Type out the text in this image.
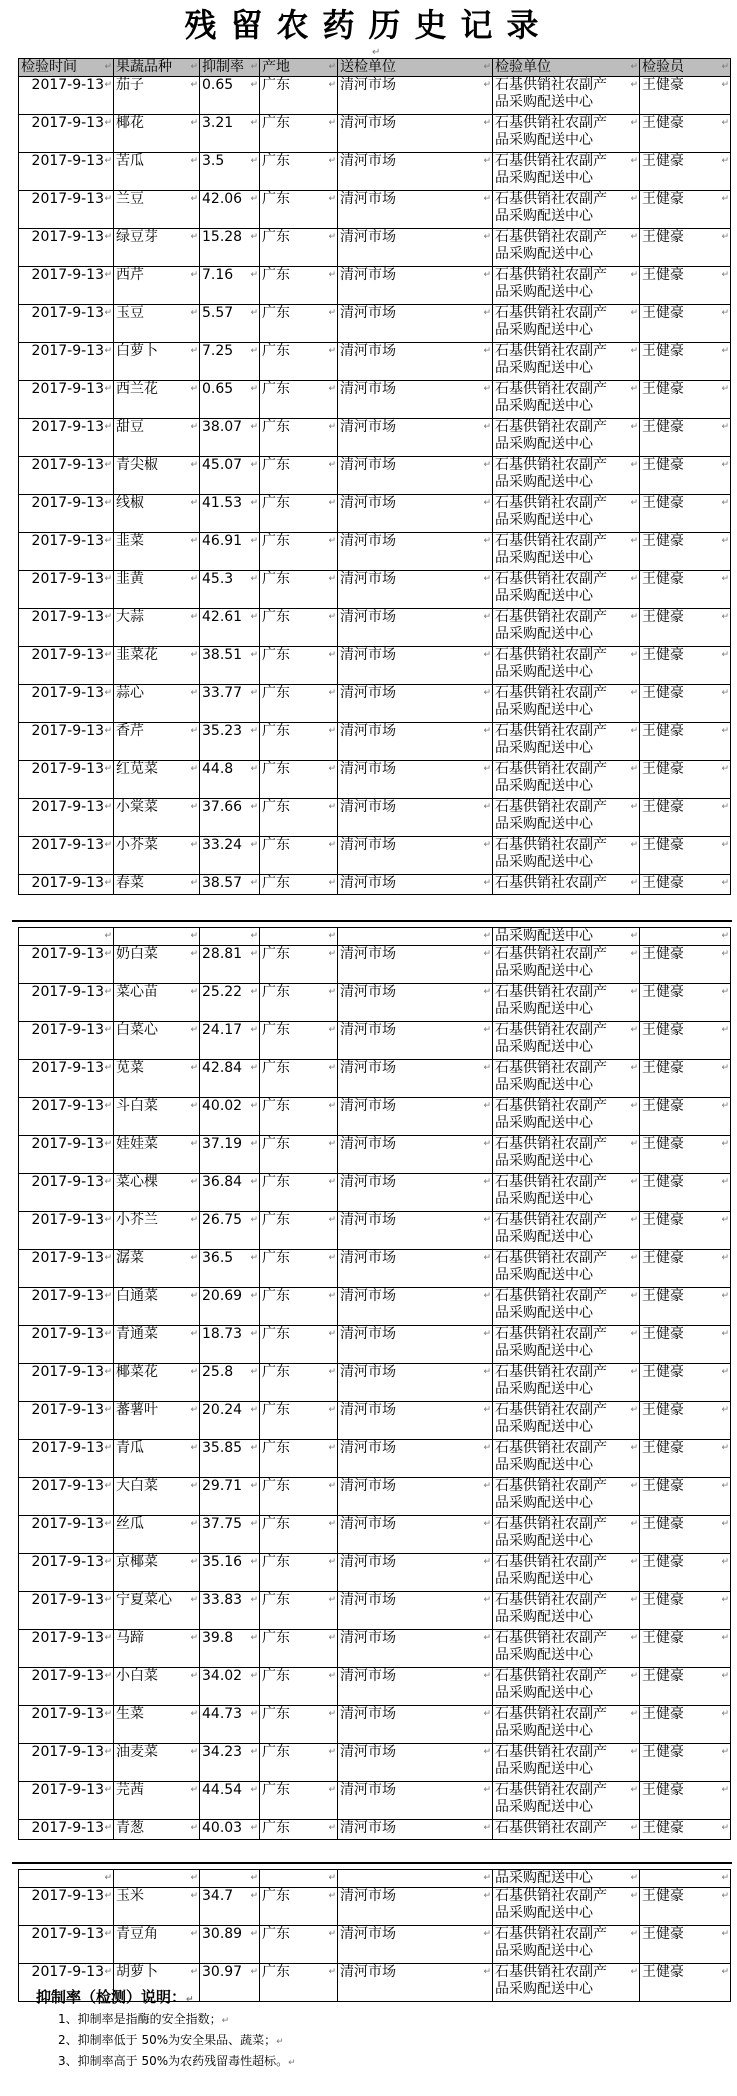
残留农药历史记录
↵
检验时间 ↵	果蔬品种 ↵	抑制率 ↵	产地 ↵	送检单位 ↵	检验单位 ↵	检验员 ↵
2017-9-13 ↵	茄子 ↵	0.65 ↵	广东 ↵	清河市场 ↵	石基供销社农副产
品采购配送中心 ↵	王健豪 ↵
2017-9-13 ↵	椰花 ↵	3.21 ↵	广东 ↵	清河市场 ↵	石基供销社农副产
品采购配送中心 ↵	王健豪 ↵
2017-9-13 ↵	苦瓜 ↵	3.5 ↵	广东 ↵	清河市场 ↵	石基供销社农副产
品采购配送中心 ↵	王健豪 ↵
2017-9-13 ↵	兰豆 ↵	42.06 ↵	广东 ↵	清河市场 ↵	石基供销社农副产
品采购配送中心 ↵	王健豪 ↵
2017-9-13 ↵	绿豆芽 ↵	15.28 ↵	广东 ↵	清河市场 ↵	石基供销社农副产
品采购配送中心 ↵	王健豪 ↵
2017-9-13 ↵	西芹 ↵	7.16 ↵	广东 ↵	清河市场 ↵	石基供销社农副产
品采购配送中心 ↵	王健豪 ↵
2017-9-13 ↵	玉豆 ↵	5.57 ↵	广东 ↵	清河市场 ↵	石基供销社农副产
品采购配送中心 ↵	王健豪 ↵
2017-9-13 ↵	白萝卜 ↵	7.25 ↵	广东 ↵	清河市场 ↵	石基供销社农副产
品采购配送中心 ↵	王健豪 ↵
2017-9-13 ↵	西兰花 ↵	0.65 ↵	广东 ↵	清河市场 ↵	石基供销社农副产
品采购配送中心 ↵	王健豪 ↵
2017-9-13 ↵	甜豆 ↵	38.07 ↵	广东 ↵	清河市场 ↵	石基供销社农副产
品采购配送中心 ↵	王健豪 ↵
2017-9-13 ↵	青尖椒 ↵	45.07 ↵	广东 ↵	清河市场 ↵	石基供销社农副产
品采购配送中心 ↵	王健豪 ↵
2017-9-13 ↵	线椒 ↵	41.53 ↵	广东 ↵	清河市场 ↵	石基供销社农副产
品采购配送中心 ↵	王健豪 ↵
2017-9-13 ↵	韭菜 ↵	46.91 ↵	广东 ↵	清河市场 ↵	石基供销社农副产
品采购配送中心 ↵	王健豪 ↵
2017-9-13 ↵	韭黄 ↵	45.3 ↵	广东 ↵	清河市场 ↵	石基供销社农副产
品采购配送中心 ↵	王健豪 ↵
2017-9-13 ↵	大蒜 ↵	42.61 ↵	广东 ↵	清河市场 ↵	石基供销社农副产
品采购配送中心 ↵	王健豪 ↵
2017-9-13 ↵	韭菜花 ↵	38.51 ↵	广东 ↵	清河市场 ↵	石基供销社农副产
品采购配送中心 ↵	王健豪 ↵
2017-9-13 ↵	蒜心 ↵	33.77 ↵	广东 ↵	清河市场 ↵	石基供销社农副产
品采购配送中心 ↵	王健豪 ↵
2017-9-13 ↵	香芹 ↵	35.23 ↵	广东 ↵	清河市场 ↵	石基供销社农副产
品采购配送中心 ↵	王健豪 ↵
2017-9-13 ↵	红苋菜 ↵	44.8 ↵	广东 ↵	清河市场 ↵	石基供销社农副产
品采购配送中心 ↵	王健豪 ↵
2017-9-13 ↵	小棠菜 ↵	37.66 ↵	广东 ↵	清河市场 ↵	石基供销社农副产
品采购配送中心 ↵	王健豪 ↵
2017-9-13 ↵	小芥菜 ↵	33.24 ↵	广东 ↵	清河市场 ↵	石基供销社农副产
品采购配送中心 ↵	王健豪 ↵
2017-9-13 ↵	春菜 ↵	38.57 ↵	广东 ↵	清河市场 ↵	石基供销社农副产 ↵	王健豪 ↵
↵	↵	↵	↵	↵	品采购配送中心 ↵	↵
2017-9-13 ↵	奶白菜 ↵	28.81 ↵	广东 ↵	清河市场 ↵	石基供销社农副产
品采购配送中心 ↵	王健豪 ↵
2017-9-13 ↵	菜心苗 ↵	25.22 ↵	广东 ↵	清河市场 ↵	石基供销社农副产
品采购配送中心 ↵	王健豪 ↵
2017-9-13 ↵	白菜心 ↵	24.17 ↵	广东 ↵	清河市场 ↵	石基供销社农副产
品采购配送中心 ↵	王健豪 ↵
2017-9-13 ↵	苋菜 ↵	42.84 ↵	广东 ↵	清河市场 ↵	石基供销社农副产
品采购配送中心 ↵	王健豪 ↵
2017-9-13 ↵	斗白菜 ↵	40.02 ↵	广东 ↵	清河市场 ↵	石基供销社农副产
品采购配送中心 ↵	王健豪 ↵
2017-9-13 ↵	娃娃菜 ↵	37.19 ↵	广东 ↵	清河市场 ↵	石基供销社农副产
品采购配送中心 ↵	王健豪 ↵
2017-9-13 ↵	菜心棵 ↵	36.84 ↵	广东 ↵	清河市场 ↵	石基供销社农副产
品采购配送中心 ↵	王健豪 ↵
2017-9-13 ↵	小芥兰 ↵	26.75 ↵	广东 ↵	清河市场 ↵	石基供销社农副产
品采购配送中心 ↵	王健豪 ↵
2017-9-13 ↵	潺菜 ↵	36.5 ↵	广东 ↵	清河市场 ↵	石基供销社农副产
品采购配送中心 ↵	王健豪 ↵
2017-9-13 ↵	白通菜 ↵	20.69 ↵	广东 ↵	清河市场 ↵	石基供销社农副产
品采购配送中心 ↵	王健豪 ↵
2017-9-13 ↵	青通菜 ↵	18.73 ↵	广东 ↵	清河市场 ↵	石基供销社农副产
品采购配送中心 ↵	王健豪 ↵
2017-9-13 ↵	椰菜花 ↵	25.8 ↵	广东 ↵	清河市场 ↵	石基供销社农副产
品采购配送中心 ↵	王健豪 ↵
2017-9-13 ↵	蕃薯叶 ↵	20.24 ↵	广东 ↵	清河市场 ↵	石基供销社农副产
品采购配送中心 ↵	王健豪 ↵
2017-9-13 ↵	青瓜 ↵	35.85 ↵	广东 ↵	清河市场 ↵	石基供销社农副产
品采购配送中心 ↵	王健豪 ↵
2017-9-13 ↵	大白菜 ↵	29.71 ↵	广东 ↵	清河市场 ↵	石基供销社农副产
品采购配送中心 ↵	王健豪 ↵
2017-9-13 ↵	丝瓜 ↵	37.75 ↵	广东 ↵	清河市场 ↵	石基供销社农副产
品采购配送中心 ↵	王健豪 ↵
2017-9-13 ↵	京椰菜 ↵	35.16 ↵	广东 ↵	清河市场 ↵	石基供销社农副产
品采购配送中心 ↵	王健豪 ↵
2017-9-13 ↵	宁夏菜心 ↵	33.83 ↵	广东 ↵	清河市场 ↵	石基供销社农副产
品采购配送中心 ↵	王健豪 ↵
2017-9-13 ↵	马蹄 ↵	39.8 ↵	广东 ↵	清河市场 ↵	石基供销社农副产
品采购配送中心 ↵	王健豪 ↵
2017-9-13 ↵	小白菜 ↵	34.02 ↵	广东 ↵	清河市场 ↵	石基供销社农副产
品采购配送中心 ↵	王健豪 ↵
2017-9-13 ↵	生菜 ↵	44.73 ↵	广东 ↵	清河市场 ↵	石基供销社农副产
品采购配送中心 ↵	王健豪 ↵
2017-9-13 ↵	油麦菜 ↵	34.23 ↵	广东 ↵	清河市场 ↵	石基供销社农副产
品采购配送中心 ↵	王健豪 ↵
2017-9-13 ↵	芫茜 ↵	44.54 ↵	广东 ↵	清河市场 ↵	石基供销社农副产
品采购配送中心 ↵	王健豪 ↵
2017-9-13 ↵	青葱 ↵	40.03 ↵	广东 ↵	清河市场 ↵	石基供销社农副产 ↵	王健豪 ↵
↵	↵	↵	↵	↵	品采购配送中心 ↵	↵
2017-9-13 ↵	玉米 ↵	34.7 ↵	广东 ↵	清河市场 ↵	石基供销社农副产
品采购配送中心 ↵	王健豪 ↵
2017-9-13 ↵	青豆角 ↵	30.89 ↵	广东 ↵	清河市场 ↵	石基供销社农副产
品采购配送中心 ↵	王健豪 ↵
2017-9-13 ↵	胡萝卜 ↵	30.97 ↵	广东 ↵	清河市场 ↵	石基供销社农副产
品采购配送中心 ↵	王健豪 ↵
抑制率（检测）说明：↵
1、抑制率是指酶的安全指数；↵
2、抑制率低于 50%为安全果品、蔬菜；↵
3、抑制率高于 50%为农药残留毒性超标。↵
